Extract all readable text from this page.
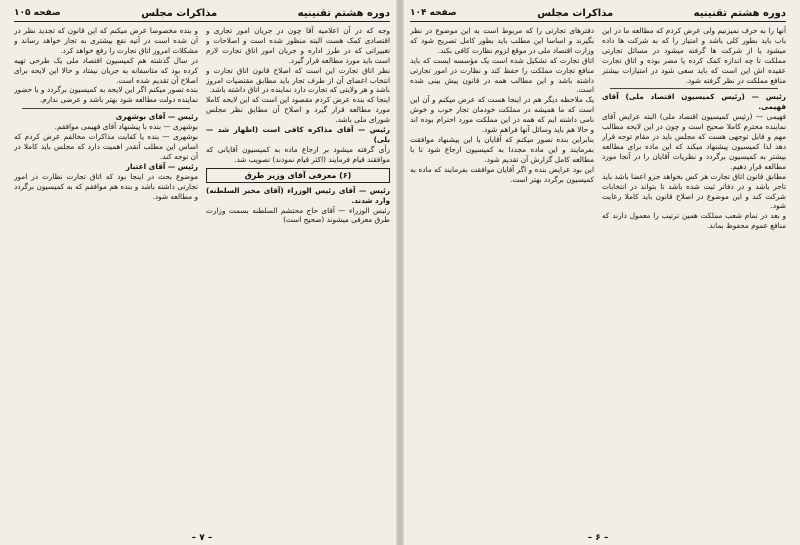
دوره هشتم تقنینیه
مذاکرات مجلس
صفحه ۱۰۵

وجه که در آن اعلامیه آقا چون در جریان امور تجاری و اقتصادی کمک هست البته منظور شده است و اصلاحات و تغییراتی که در طرز اداره و جریان امور اتاق تجارت لازم است باید مورد مطالعه قرار گیرد.

نظر اتاق تجارت این است که اصلاح قانون اتاق تجارت و انتخاب اعضای آن از طرف تجار باید مطابق مقتضیات امروز باشد و هر ولایتی که تجارت دارد نماینده در اتاق داشته باشد.

اینجا که بنده عرض کردم مقصود این است که این لایحه کاملا مورد مطالعه قرار گیرد و اصلاح آن مطابق نظر مجلس شورای ملی باشد.

رئیس — آقای مذاکره کافی است (اظهار شد — بلی)

رأی گرفته میشود بر ارجاع ماده به کمیسیون آقایانی که موافقند قیام فرمایند (اکثر قیام نمودند) تصویب شد.

(۶) معرفی آقای وزیر طرق

رئیس — آقای رئیس الوزراء (آقای مخبر السلطنه) وارد شدند.

رئیس الوزراء — آقای حاج محتشم السلطنه بسمت وزارت طرق معرفی میشوند (صحیح است)

و بنده مخصوصا عرض میکنم که این قانون که تجدید نظر در آن شده است در آتیه نفع بیشتری به تجار خواهد رساند و مشکلات امروز اتاق تجارت را رفع خواهد کرد.

در سال گذشته هم کمیسیون اقتصاد ملی یک طرحی تهیه کرده بود که متاسفانه به جریان نیفتاد و حالا این لایحه برای اصلاح آن تقدیم شده است.

بنده تصور میکنم اگر این لایحه به کمیسیون برگردد و با حضور نماینده دولت مطالعه شود بهتر باشد و عرضی ندارم.

رئیس — آقای بوشهری

بوشهری — بنده با پیشنهاد آقای فهیمی موافقم.

بوشهری — بنده یا کفایت مذاکرات مخالفم عرض کردم که اساس این مطلب آنقدر اهمیت دارد که مجلس باید کاملا در آن توجه کند.

رئیس — آقای اعتبار

موضوع بحث در اینجا بود که اتاق تجارت نظارت در امور تجارتی داشته باشد و بنده هم موافقم که به کمیسیون برگردد و مطالعه شود.

– ۷ –
دوره هشتم تقنینیه
مذاکرات مجلس
صفحه ۱۰۴

آنها را به حرف نمیزنیم ولی عرض کردم که مطالعه ما در این باب باید بطور کلی باشد و امتیاز را که به شرکت ها داده میشود یا از شرکت ها گرفته میشود در مسائل تجارتی مملکت تا چه اندازه کمک کرده یا مضر بوده و اتاق تجارت عقیده اش این است که باید سعی شود در امتیازات بیشتر منافع مملکت در نظر گرفته شود.

رئیس — (رئیس کمیسیون اقتصاد ملی) آقای فهیمی.

فهیمی — (رئیس کمیسیون اقتصاد ملی) البته عرایض آقای نماینده محترم کاملا صحیح است و چون در این لایحه مطالب مهم و قابل توجهی هست که مجلس باید در مقام توجه قرار دهد لذا کمیسیون پیشنهاد میکند که این ماده برای مطالعه بیشتر به کمیسیون برگردد و نظریات آقایان را در آنجا مورد مطالعه قرار دهیم.

مطابق قانون اتاق تجارت هر کس بخواهد جزو اعضا باشد باید تاجر باشد و در دفاتر ثبت شده باشد تا بتواند در انتخابات شرکت کند و این موضوع در اصلاح قانون باید کاملا رعایت شود.

و بعد در تمام شعب مملکت همین ترتیب را معمول دارند که منافع عموم محفوظ بماند.

دفترهای تجارتی را که مربوط است به این موضوع در نظر بگیرند و اساسا این مطلب باید بطور کامل تصریح شود که وزارت اقتصاد ملی در موقع لزوم نظارت کافی بکند.

اتاق تجارت که تشکیل شده است یک مؤسسه ایست که باید منافع تجارت مملکت را حفظ کند و نظارت در امور تجارتی داشته باشد و این مطالب همه در قانون پیش بینی شده است.

یک ملاحظه دیگر هم در اینجا هست که عرض میکنم و آن این است که ما همیشه در مملکت خودمان تجار خوب و خوش نامی داشته ایم که همه در این مملکت مورد احترام بوده اند و حالا هم باید وسائل آنها فراهم شود.

بنابراین بنده تصور میکنم که آقایان با این پیشنهاد موافقت بفرمایند و این ماده مجددا به کمیسیون ارجاع شود تا با مطالعه کامل گزارش آن تقدیم شود.

این بود عرایض بنده و اگر آقایان موافقت بفرمایند که ماده به کمیسیون برگردد بهتر است.

– ۶ –
